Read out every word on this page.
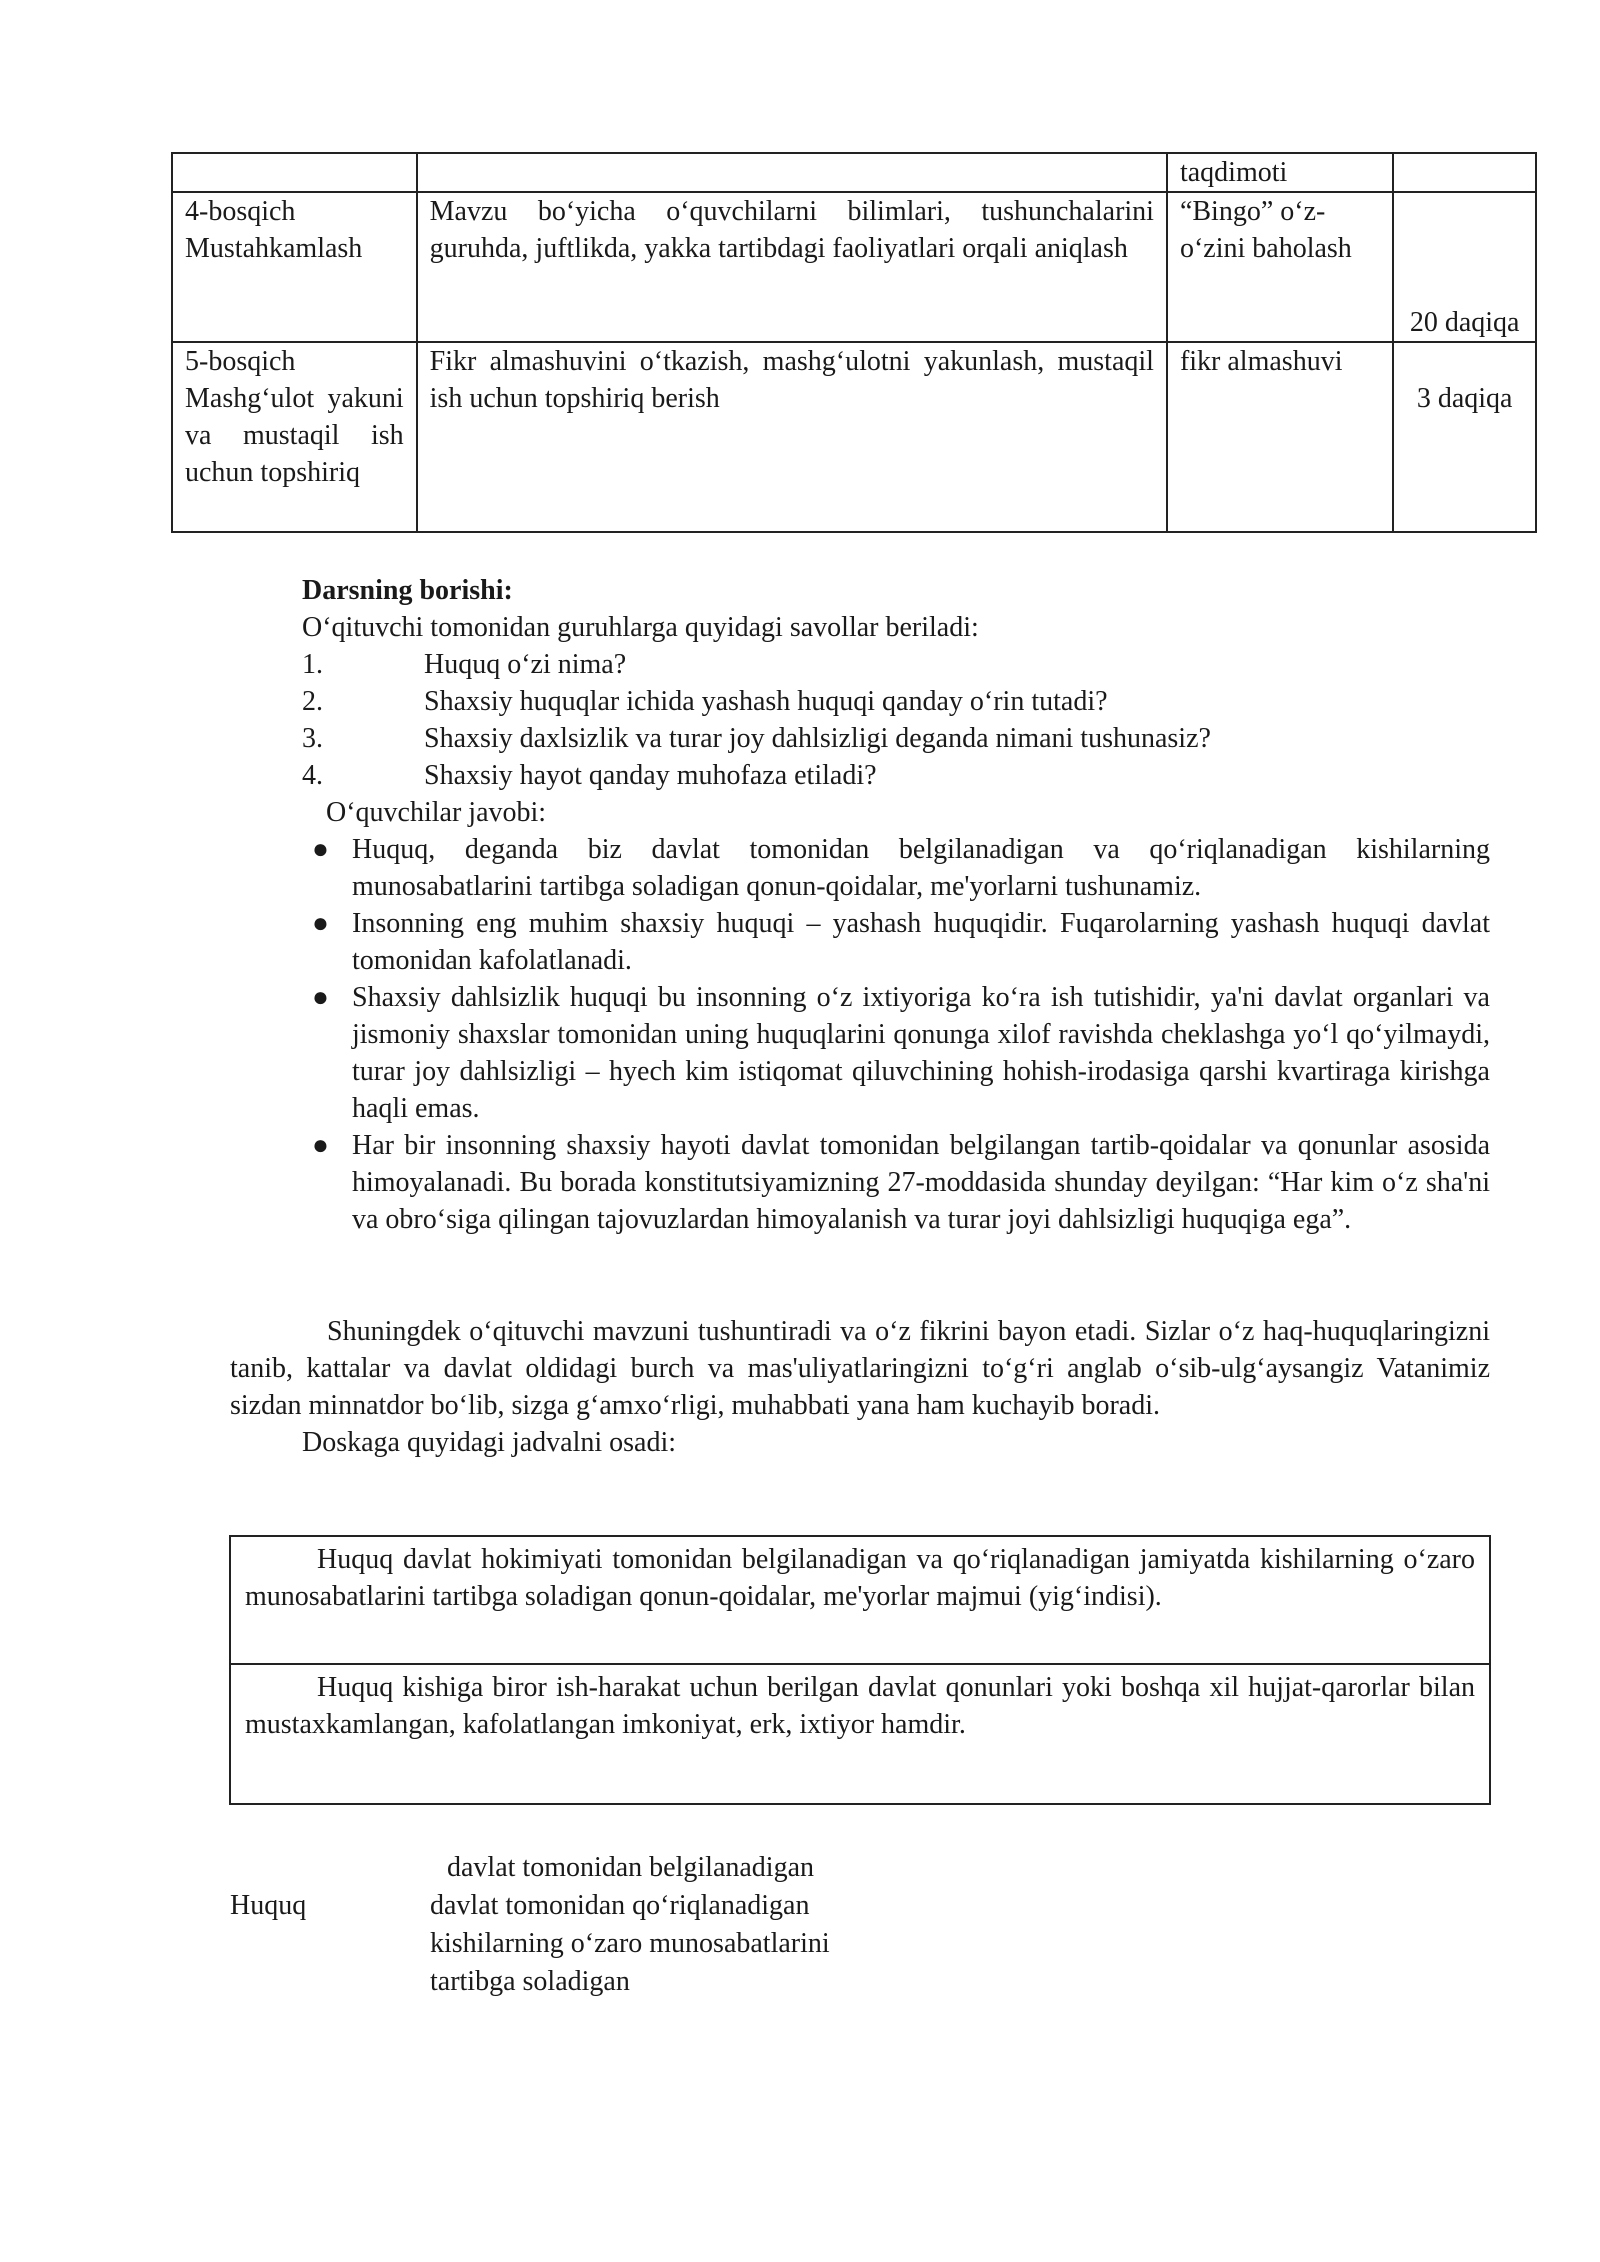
		taqdimoti	
4-bosqich Mustahkamlash	Mavzu bo‘yicha o‘quvchilarni bilimlari, tushunchalarini guruhda, juftlikda, yakka tartibdagi faoliyatlari orqali aniqlash	“Bingo” o‘z-o‘zini baholash	20 daqiqa
5-bosqich Mashg‘ulot yakuni va mustaqil ish uchun topshiriq	Fikr almashuvini o‘tkazish, mashg‘ulotni yakunlash, mustaqil ish uchun topshiriq berish	fikr almashuvi	3 daqiqa

Darsning borishi:

O‘qituvchi tomonidan guruhlarga quyidagi savollar beriladi:

1.	Huquq o‘zi nima?
2.	Shaxsiy huquqlar ichida yashash huquqi qanday o‘rin tutadi?
3.	Shaxsiy daxlsizlik va turar joy dahlsizligi deganda nimani tushunasiz?
4.	Shaxsiy hayot qanday muhofaza etiladi?

O‘quvchilar javobi:

● Huquq, deganda biz davlat tomonidan belgilanadigan va qo‘riqlanadigan kishilarning munosabatlarini tartibga soladigan qonun-qoidalar, me'yorlarni tushunamiz.
● Insonning eng muhim shaxsiy huquqi – yashash huquqidir. Fuqarolarning yashash huquqi davlat tomonidan kafolatlanadi.
● Shaxsiy dahlsizlik huquqi bu insonning o‘z ixtiyoriga ko‘ra ish tutishidir, ya'ni davlat organlari va jismoniy shaxslar tomonidan uning huquqlarini qonunga xilof ravishda cheklashga yo‘l qo‘yilmaydi, turar joy dahlsizligi – hyech kim istiqomat qiluvchining hohish-irodasiga qarshi kvartiraga kirishga haqli emas.
● Har bir insonning shaxsiy hayoti davlat tomonidan belgilangan tartib-qoidalar va qonunlar asosida himoyalanadi. Bu borada konstitutsiyamizning 27-moddasida shunday deyilgan: “Har kim o‘z sha'ni va obro‘siga qilingan tajovuzlardan himoyalanish va turar joyi dahlsizligi huquqiga ega”.

Shuningdek o‘qituvchi mavzuni tushuntiradi va o‘z fikrini bayon etadi. Sizlar o‘z haq-huquqlaringizni tanib, kattalar va davlat oldidagi burch va mas'uliyatlaringizni to‘g‘ri anglab o‘sib-ulg‘aysangiz Vatanimiz sizdan minnatdor bo‘lib, sizga g‘amxo‘rligi, muhabbati yana ham kuchayib boradi.

Doskaga quyidagi jadvalni osadi:

Huquq davlat hokimiyati tomonidan belgilanadigan va qo‘riqlanadigan jamiyatda kishilarning o‘zaro munosabatlarini tartibga soladigan qonun-qoidalar, me'yorlar majmui (yig‘indisi).
Huquq kishiga biror ish-harakat uchun berilgan davlat qonunlari yoki boshqa xil hujjat-qarorlar bilan mustaxkamlangan, kafolatlangan imkoniyat, erk, ixtiyor hamdir.
Huquq
davlat tomonidan belgilanadigan
davlat tomonidan qo‘riqlanadigan
kishilarning o‘zaro munosabatlarini
tartibga soladigan
